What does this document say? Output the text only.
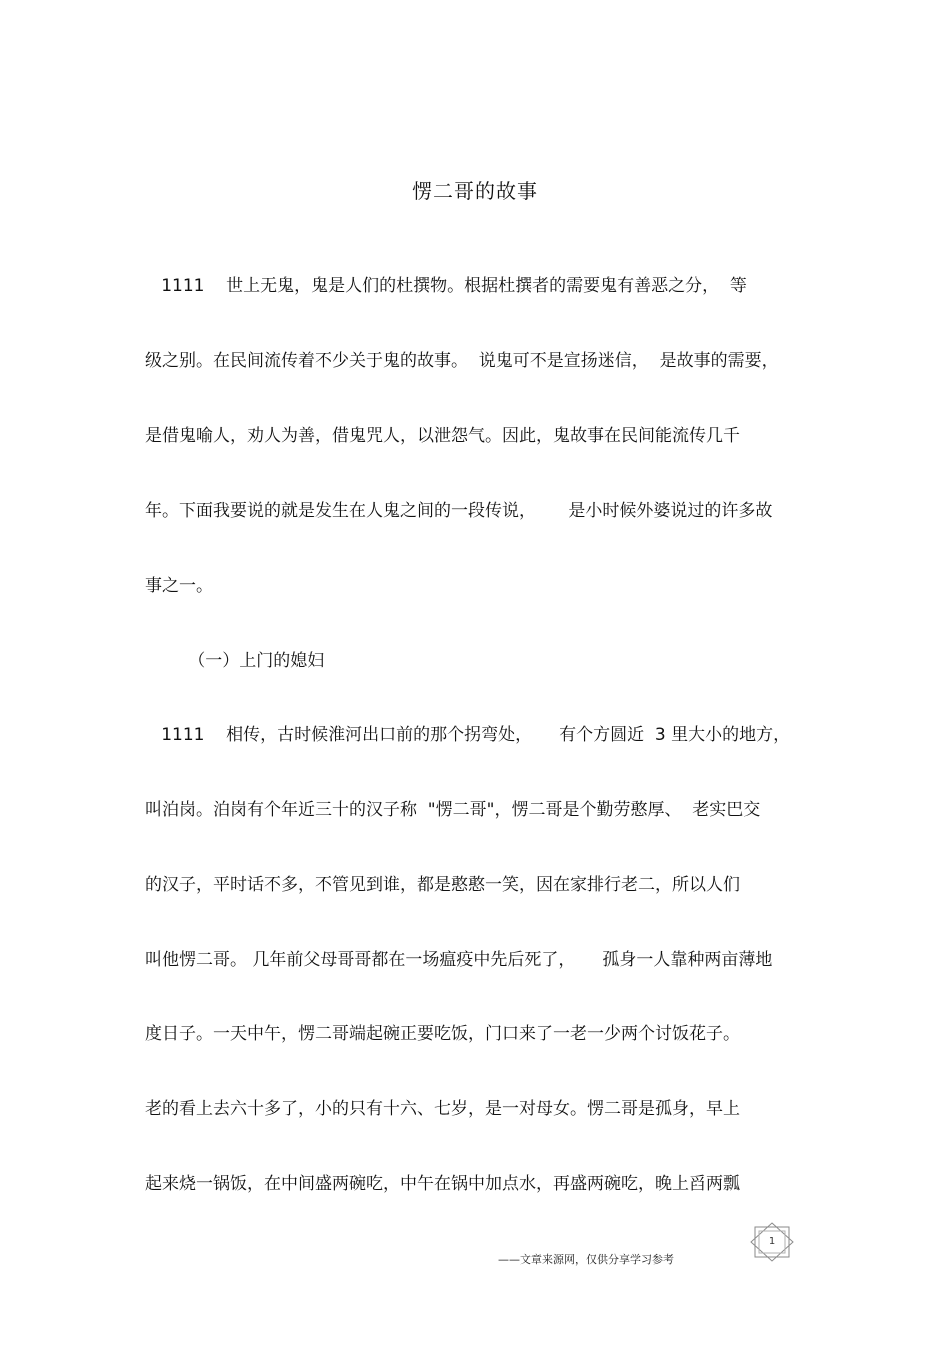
愣二哥的故事
1111    世上无鬼，鬼是人们的杜撰物。根据杜撰者的需要鬼有善恶之分，  等
级之别。在民间流传着不少关于鬼的故事。  说鬼可不是宣扬迷信，  是故事的需要，
是借鬼喻人，劝人为善，借鬼咒人，以泄怨气。因此，鬼故事在民间能流传几千
年。下面我要说的就是发生在人鬼之间的一段传说，      是小时候外婆说过的许多故
事之一。
（一）上门的媳妇
1111    相传，古时候淮河出口前的那个拐弯处，     有个方圆近  3 里大小的地方，
叫泊岗。泊岗有个年近三十的汉子称  "愣二哥"，愣二哥是个勤劳憨厚、  老实巴交
的汉子，平时话不多，不管见到谁，都是憨憨一笑，因在家排行老二，所以人们
叫他愣二哥。 几年前父母哥哥都在一场瘟疫中先后死了，     孤身一人靠种两亩薄地
度日子。一天中午，愣二哥端起碗正要吃饭，门口来了一老一少两个讨饭花子。
老的看上去六十多了，小的只有十六、七岁，是一对母女。愣二哥是孤身，早上
起来烧一锅饭，在中间盛两碗吃，中午在锅中加点水，再盛两碗吃，晚上舀两瓢
1
——文章来源网，仅供分享学习参考
